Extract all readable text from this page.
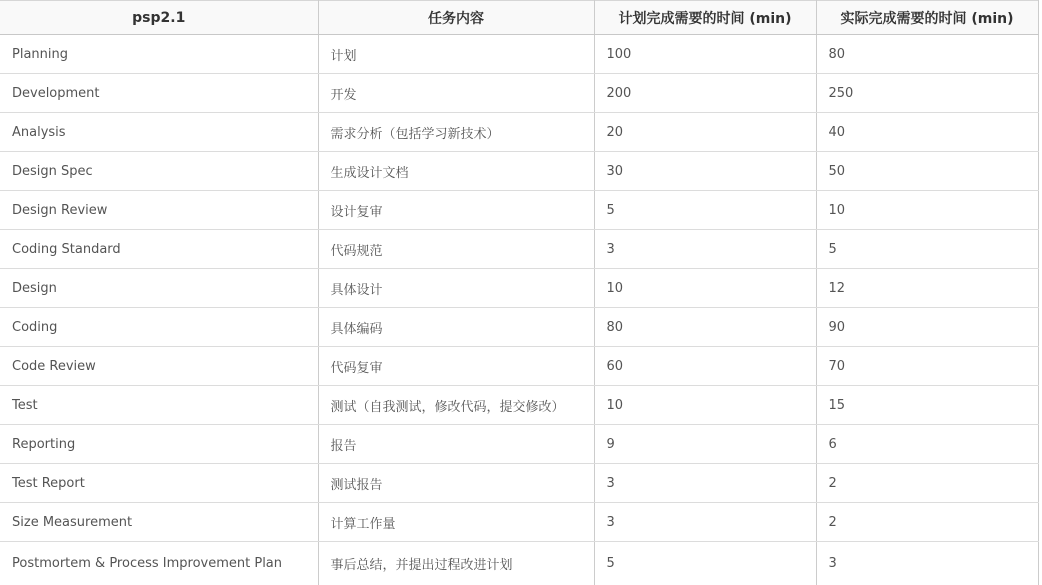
psp2.1	任务内容	计划完成需要的时间 (min)	实际完成需要的时间 (min)
Planning	计划	100	80
Development	开发	200	250
Analysis	需求分析（包括学习新技术）	20	40
Design Spec	生成设计文档	30	50
Design Review	设计复审	5	10
Coding Standard	代码规范	3	5
Design	具体设计	10	12
Coding	具体编码	80	90
Code Review	代码复审	60	70
Test	测试（自我测试，修改代码，提交修改）	10	15
Reporting	报告	9	6
Test Report	测试报告	3	2
Size Measurement	计算工作量	3	2
Postmortem & Process Improvement Plan	事后总结，并提出过程改进计划	5	3
